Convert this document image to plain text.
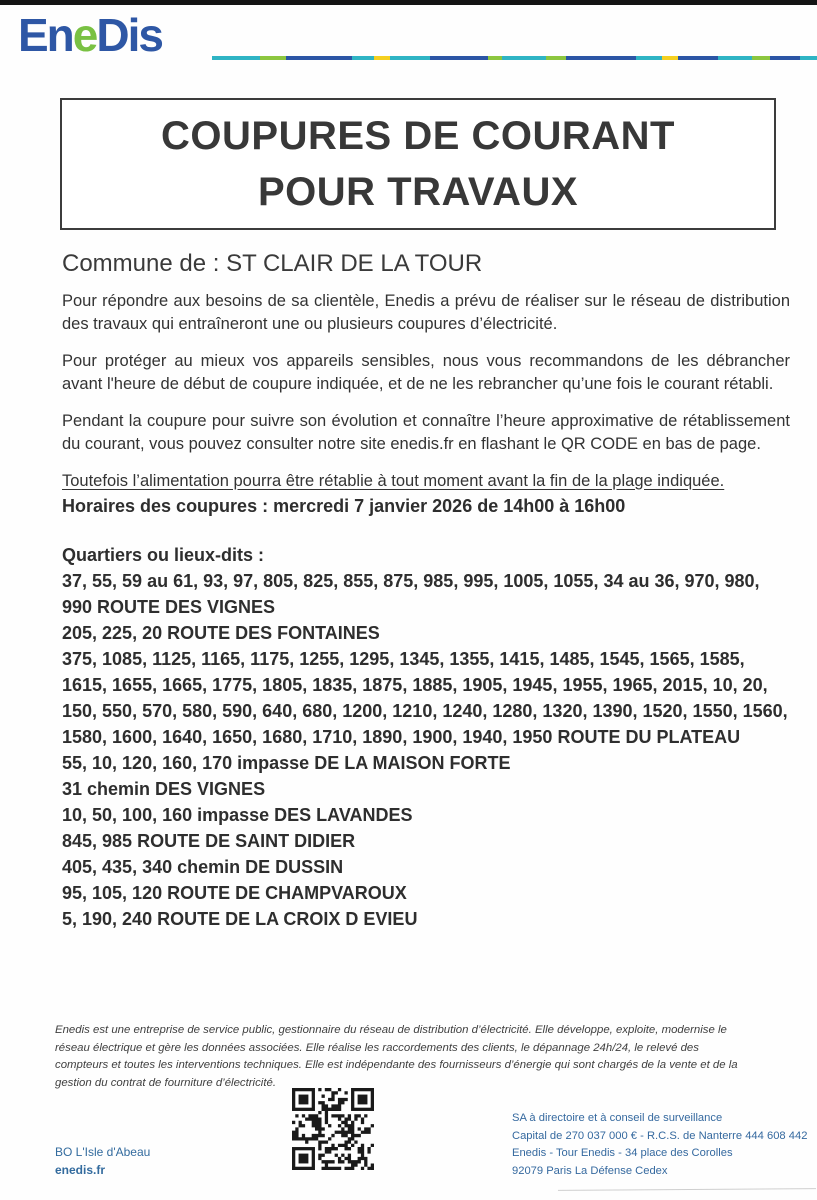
EneDis
COUPURES DE COURANT
POUR TRAVAUX
Commune de : ST CLAIR DE LA TOUR

Pour répondre aux besoins de sa clientèle, Enedis a prévu de réaliser sur le réseau de distribution des travaux qui entraîneront une ou plusieurs coupures d’électricité.

Pour protéger au mieux vos appareils sensibles, nous vous recommandons de les débrancher avant l'heure de début de coupure indiquée, et de ne les rebrancher qu’une fois le courant rétabli.

Pendant la coupure pour suivre son évolution et connaître l’heure approximative de rétablissement du courant, vous pouvez consulter notre site enedis.fr en flashant le QR CODE en bas de page.

Toutefois l’alimentation pourra être rétablie à tout moment avant la fin de la plage indiquée.

Horaires des coupures : mercredi 7 janvier 2026 de 14h00 à 16h00
Quartiers ou lieux-dits :
37, 55, 59 au 61, 93, 97, 805, 825, 855, 875, 985, 995, 1005, 1055, 34 au 36, 970, 980, 990 ROUTE DES VIGNES
205, 225, 20 ROUTE DES FONTAINES
375, 1085, 1125, 1165, 1175, 1255, 1295, 1345, 1355, 1415, 1485, 1545, 1565, 1585, 1615, 1655, 1665, 1775, 1805, 1835, 1875, 1885, 1905, 1945, 1955, 1965, 2015, 10, 20, 150, 550, 570, 580, 590, 640, 680, 1200, 1210, 1240, 1280, 1320, 1390, 1520, 1550, 1560, 1580, 1600, 1640, 1650, 1680, 1710, 1890, 1900, 1940, 1950 ROUTE DU PLATEAU
55, 10, 120, 160, 170 impasse DE LA MAISON FORTE
31 chemin DES VIGNES
10, 50, 100, 160 impasse DES LAVANDES
845, 985 ROUTE DE SAINT DIDIER
405, 435, 340 chemin DE DUSSIN
95, 105, 120 ROUTE DE CHAMPVAROUX
5, 190, 240 ROUTE DE LA CROIX D EVIEU
Enedis est une entreprise de service public, gestionnaire du réseau de distribution d’électricité. Elle développe, exploite, modernise le réseau électrique et gère les données associées. Elle réalise les raccordements des clients, le dépannage 24h/24, le relevé des compteurs et toutes les interventions techniques. Elle est indépendante des fournisseurs d’énergie qui sont chargés de la vente et de la gestion du contrat de fourniture d’électricité.
BO L'Isle d'Abeau
enedis.fr
SA à directoire et à conseil de surveillance
Capital de 270 037 000 € - R.C.S. de Nanterre 444 608 442
Enedis - Tour Enedis - 34 place des Corolles
92079 Paris La Défense Cedex
